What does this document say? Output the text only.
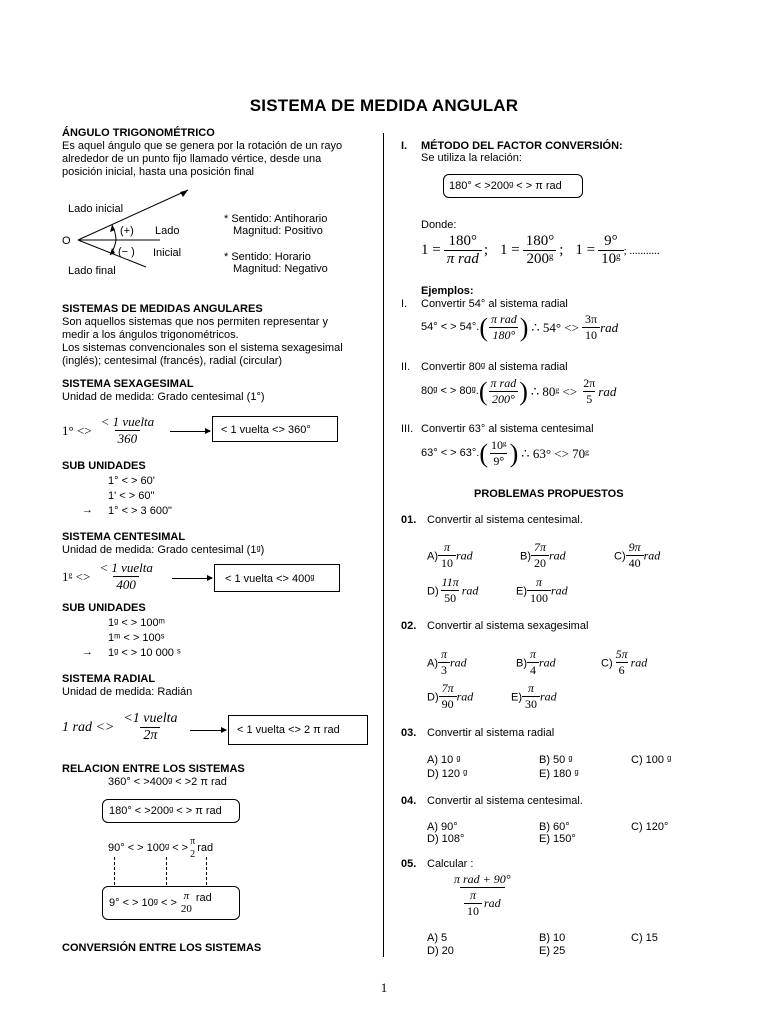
SISTEMA DE MEDIDA ANGULAR
ÁNGULO TRIGONOMÉTRICO
Es aquel ángulo que se genera por la rotación de un rayo
alrededor de un punto fijo llamado vértice, desde una
posición inicial, hasta una posición final
Lado inicial
O
(+)
(− )
Lado
Inicial
Lado final
* Sentido: Antihorario
Magnitud: Positivo
* Sentido: Horario
Magnitud: Negativo
SISTEMAS DE MEDIDAS ANGULARES
Son aquellos sistemas que nos permiten representar y
medir a los ángulos trigonométricos.
Los sistemas convencionales son el sistema sexagesimal
(inglés); centesimal (francés), radial (circular)
SISTEMA SEXAGESIMAL
Unidad de medida: Grado centesimal (1°)
$1^\circ <> \frac{\text{< 1 vuelta}}{360}$	< 1 vuelta <> 360°
SUB UNIDADES
1° < > 60'
1' < > 60"
1° < > 3 600"
→
SISTEMA CENTESIMAL
Unidad de medida: Grado centesimal (1ᵍ)
1ᵍ <> $\frac{\text{< 1 vuelta}}{400}$	< 1 vuelta <> 400ᵍ
SUB UNIDADES
1ᵍ < > 100ᵐ
1ᵐ < > 100ˢ
1ᵍ < > 10 000 ˢ
→
SISTEMA RADIAL
Unidad de medida: Radián
1 rad <> $\frac{\text{<1 vuelta}}{2\pi}$	< 1 vuelta <> 2 π rad
RELACION ENTRE LOS SISTEMAS
360° < >400ᵍ < >2 π rad
180° < >200ᵍ < > π rad
90° < > 100ᵍ < > π
2
rad
9° < > 10ᵍ < >
π
20
rad
CONVERSIÓN ENTRE LOS SISTEMAS
I. MÉTODO DEL FACTOR CONVERSIÓN:
Se utiliza la relación:
180° < >200ᵍ < > π rad
Donde:
$1 = \frac{180^\circ}{\text{π rad}}$ ; $1 = \frac{180^\circ}{\text{200ᵍ}}$ ; $1 = \frac{9^\circ}{\text{10ᵍ}}$ ; ...........
Ejemplos:
I. Convertir 54° al sistema radial
54° < > 54°. ( $\frac{\text{π rad}}{180^\circ}$ ) ∴ $54^\circ <> \frac{3\pi}{10}$ rad
II. Convertir 80ᵍ al sistema radial
80ᵍ < > 80ᵍ. ( $\frac{\text{π rad}}{200^\circ}$ ) ∴ 80ᵍ <> $\frac{2\pi}{5}$ rad
III. Convertir 63° al sistema centesimal
63° < > 63°. ( $\frac{\text{10ᵍ}}{9^\circ}$ ) ∴ 63° <> 70ᵍ
PROBLEMAS PROPUESTOS
01. Convertir al sistema centesimal.
$A) \frac{\pi}{10}$ rad	$B) \frac{7\pi}{20}$ rad	$C) \frac{9\pi}{40}$ rad
$D) \frac{11\pi}{50}$ rad	$E) \frac{\pi}{100}$ rad
02. Convertir al sistema sexagesimal
$A) \frac{\pi}{3}$ rad	$B) \frac{\pi}{4}$ rad	$C) \frac{5\pi}{6}$ rad
$D) \frac{7\pi}{90}$ rad	$E) \frac{\pi}{30}$ rad
03. Convertir al sistema radial
A) 10 ᵍ	B) 50 ᵍ	C) 100 ᵍ
D) 120 ᵍ	E) 180 ᵍ
04. Convertir al sistema centesimal.
A) 90°	B) 60°	C) 120°
D) 108°	E) 150°
05. Calcular :
π rad + 90°
$\frac{\pi}{10}$ rad
A) 5	B) 10	C) 15
D) 20	E) 25
1
